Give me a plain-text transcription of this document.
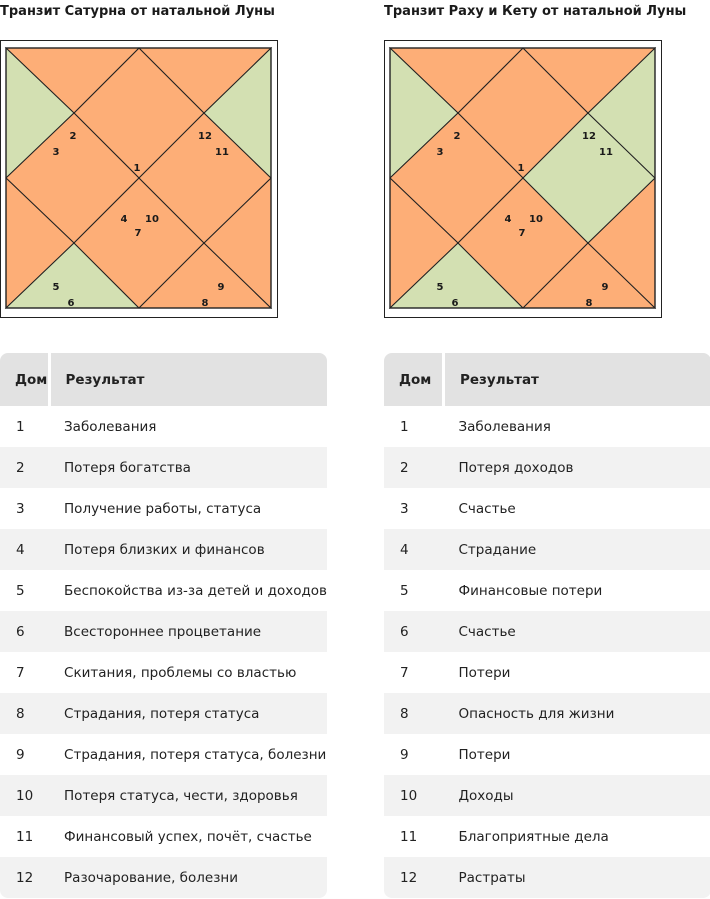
Транзит Сатурна от натальной Луны
1
2
3
4
5
6
7
8
9
10
11
12
Дом	Результат
1	Заболевания
2	Потеря богатства
3	Получение работы, статуса
4	Потеря близких и финансов
5	Беспокойства из-за детей и доходов
6	Всестороннее процветание
7	Скитания, проблемы со властью
8	Страдания, потеря статуса
9	Страдания, потеря статуса, болезни
10	Потеря статуса, чести, здоровья
11	Финансовый успех, почёт, счастье
12	Разочарование, болезни
Транзит Раху и Кету от натальной Луны
1
2
3
4
5
6
7
8
9
10
11
12
Дом	Результат
1	Заболевания
2	Потеря доходов
3	Счастье
4	Страдание
5	Финансовые потери
6	Счастье
7	Потери
8	Опасность для жизни
9	Потери
10	Доходы
11	Благоприятные дела
12	Растраты
